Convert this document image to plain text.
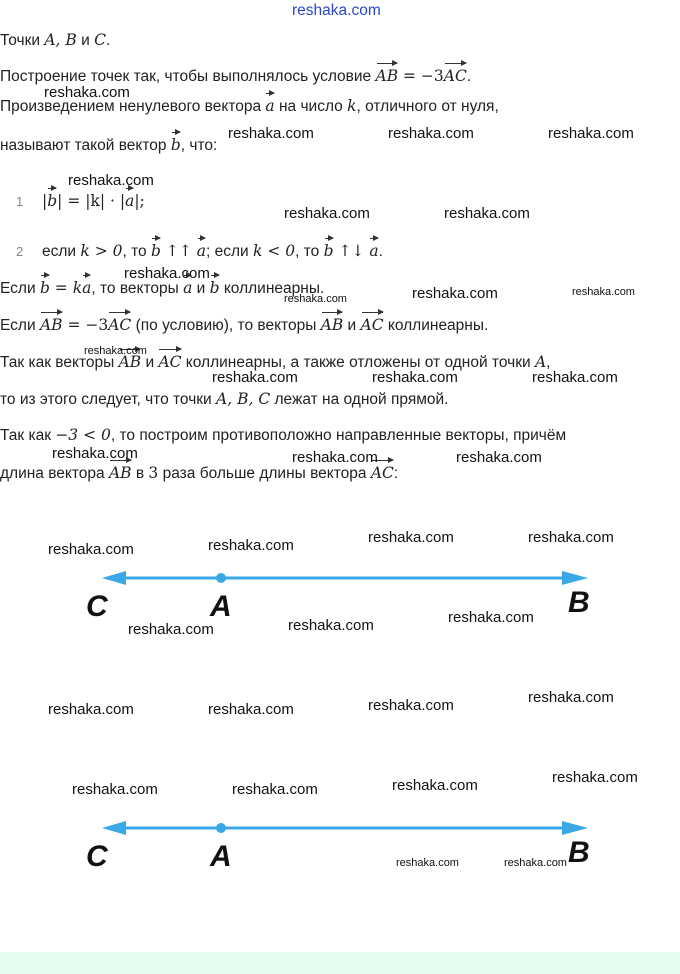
reshaka.com
Точки A, B и C.
Построение точек так, чтобы выполнялось условие AB = −3AC.
Произведением ненулевого вектора a на число k, отличного от нуля,
называют такой вектор b, что:
1 |b| = |k| · |a|;
2 если k > 0, то b ↑↑ a; если k < 0, то b ↑↓ a.
Если b = ka, то векторы a и b коллинеарны.
Если AB = −3AC (по условию), то векторы AB и AC коллинеарны.
Так как векторы AB и AC коллинеарны, а также отложены от одной точки A,
то из этого следует, что точки A, B, C лежат на одной прямой.
Так как −3 < 0, то построим противоположно направленные векторы, причём
длина вектора AB в 3 раза больше длины вектора AC:
C	A	B
C	A	B
reshaka.com
reshaka.com	reshaka.com	reshaka.com
reshaka.com
reshaka.com	reshaka.com
reshaka.com
reshaka.com
reshaka.com
reshaka.com
reshaka.com
reshaka.com	reshaka.com	reshaka.com
reshaka.com	reshaka.com	reshaka.com
reshaka.com	reshaka.com	reshaka.com	reshaka.com
reshaka.com	reshaka.com	reshaka.com
reshaka.com	reshaka.com	reshaka.com	reshaka.com
reshaka.com	reshaka.com	reshaka.com	reshaka.com
reshaka.com	reshaka.com
